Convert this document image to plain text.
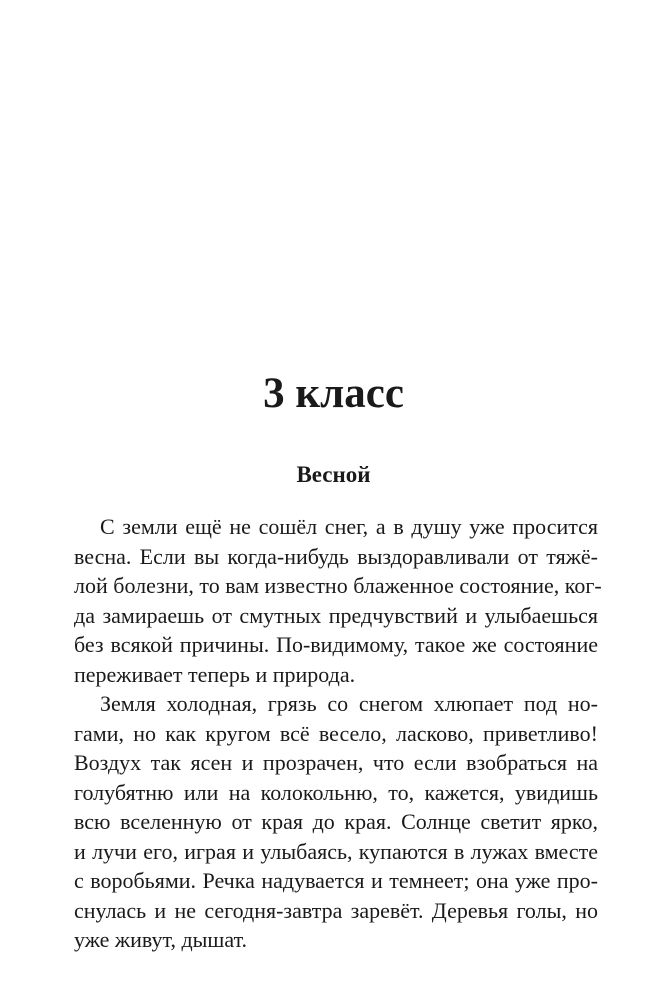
3 класс
Весной
С земли ещё не сошёл снег, а в душу уже просится
весна. Если вы когда-нибудь выздоравливали от тяжё-
лой болезни, то вам известно блаженное состояние, ког-
да замираешь от смутных предчувствий и улыбаешься
без всякой причины. По-видимому, такое же состояние
переживает теперь и природа.
Земля холодная, грязь со снегом хлюпает под но-
гами, но как кругом всё весело, ласково, приветливо!
Воздух так ясен и прозрачен, что если взобраться на
голубятню или на колокольню, то, кажется, увидишь
всю вселенную от края до края. Солнце светит ярко,
и лучи его, играя и улыбаясь, купаются в лужах вместе
с воробьями. Речка надувается и темнеет; она уже про-
снулась и не сегодня-завтра заревёт. Деревья голы, но
уже живут, дышат.
